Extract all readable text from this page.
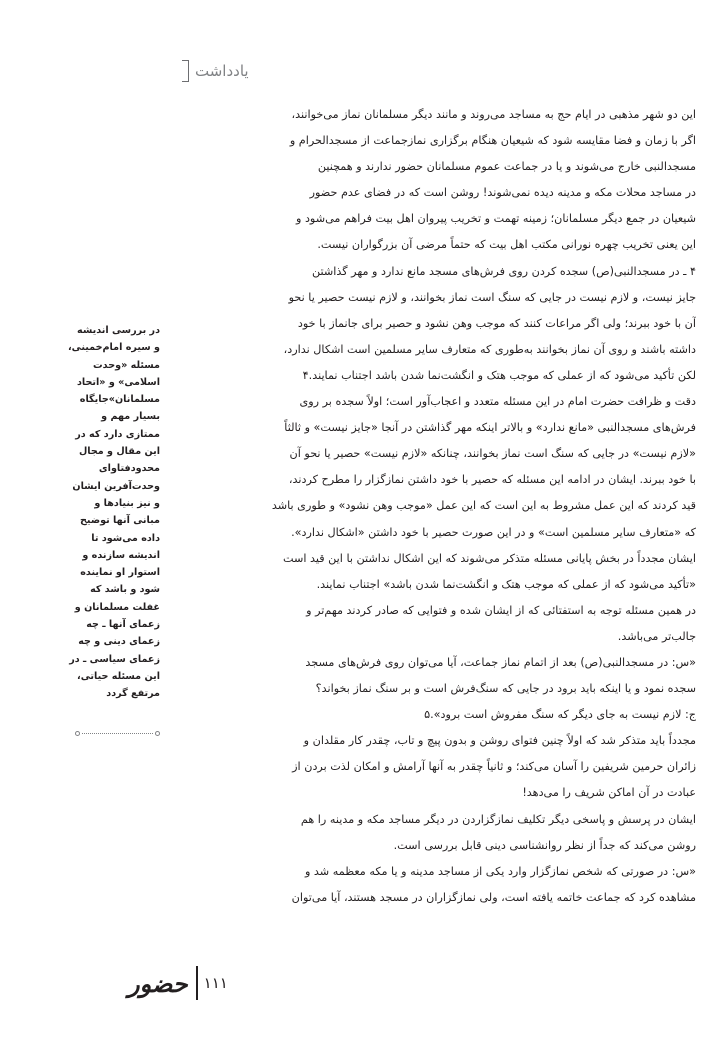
یادداشت
این دو شهر مذهبی در ایام حج به مساجد می‌روند و مانند دیگر مسلمانان نماز می‌خوانند،
اگر با زمان و فضا مقایسه شود که شیعیان هنگام برگزاری نمازجماعت از مسجدالحرام و
مسجدالنبی خارج می‌شوند و یا در جماعت عموم مسلمانان حضور ندارند و همچنین
در مساجد محلات مکه و مدینه دیده نمی‌شوند! روشن است که در فضای عدم حضور
شیعیان در جمع دیگر مسلمانان؛ زمینه تهمت و تخریب پیروان اهل بیت فراهم می‌شود و
این یعنی تخریب چهره نورانی مکتب اهل بیت که حتماً مرضی آن بزرگواران نیست.
۴ ـ در مسجدالنبی(ص) سجده کردن روی فرش‌های مسجد مانع ندارد و مهر گذاشتن
جایز نیست، و لازم نیست در جایی که سنگ است نماز بخوانند، و لازم نیست حصیر یا نحو
آن با خود ببرند؛ ولی اگر مراعات کنند که موجب وهن نشود و حصیر برای جانماز با خود
داشته باشند و روی آن نماز بخوانند به‌طوری که متعارف سایر مسلمین است اشکال ندارد،
لکن تأکید می‌شود که از عملی که موجب هتک و انگشت‌نما شدن باشد اجتناب نمایند.۴
دقت و ظرافت حضرت امام در این مسئله متعدد و اعجاب‌آور است؛ اولاً سجده بر روی
فرش‌های مسجدالنبی «مانع ندارد» و بالاتر اینکه مهر گذاشتن در آنجا «جایز نیست» و ثالثاً
«لازم نیست» در جایی که سنگ است نماز بخوانند، چنانکه «لازم نیست» حصیر یا نحو آن
با خود ببرند. ایشان در ادامه این مسئله که حصیر با خود داشتن نمازگزار را مطرح کردند،
قید کردند که این عمل مشروط به این است که این عمل «موجب وهن نشود» و طوری باشد
که «متعارف سایر مسلمین است» و در این صورت حصیر با خود داشتن «اشکال ندارد».
ایشان مجدداً در بخش پایانی مسئله متذکر می‌شوند که این اشکال نداشتن با این قید است
«تأکید می‌شود که از عملی که موجب هتک و انگشت‌نما شدن باشد» اجتناب نمایند.
در همین مسئله توجه به استفتائی که از ایشان شده و فتوایی که صادر کردند مهم‌تر و
جالب‌تر می‌باشد.
«س: در مسجدالنبی(ص) بعد از اتمام نماز جماعت، آیا می‌توان روی فرش‌های مسجد
سجده نمود و یا اینکه باید برود در جایی که سنگ‌فرش است و بر سنگ نماز بخواند؟
ج: لازم نیست به جای دیگر که سنگ مفروش است برود».۵
مجدداً باید متذکر شد که اولاً چنین فتوای روشن و بدون پیچ و تاب، چقدر کار مقلدان و
زائران حرمین شریفین را آسان می‌کند؛ و ثانیاً چقدر به آنها آرامش و امکان لذت بردن از
عبادت در آن اماکن شریف را می‌دهد!
ایشان در پرسش و پاسخی دیگر تکلیف نمازگزاردن در دیگر مساجد مکه و مدینه را هم
روشن می‌کند که جداً از نظر روانشناسی دینی قابل بررسی است.
«س: در صورتی که شخص نمازگزار وارد یکی از مساجد مدینه و یا مکه معظمه شد و
مشاهده کرد که جماعت خاتمه یافته است، ولی نمازگزاران در مسجد هستند، آیا می‌توان
در بررسی اندیشه
و سیره امام‌خمینی،
مسئله «وحدت
اسلامی» و «اتحاد
مسلمانان»جایگاه
بسیار مهم و
ممتازی دارد که در
این مقال و مجال
محدودفتاوای
وحدت‌آفرین ایشان
و نیز بنیادها و
مبانی آنها توضیح
داده می‌شود تا
اندیشه سازنده و
استوار او نماینده
شود و باشد که
غفلت مسلمانان و
زعمای آنها ـ چه
زعمای دینی و چه
زعمای سیاسی ـ در
این مسئله حیاتی،
مرتفع گردد
حضور ۱۱۱
